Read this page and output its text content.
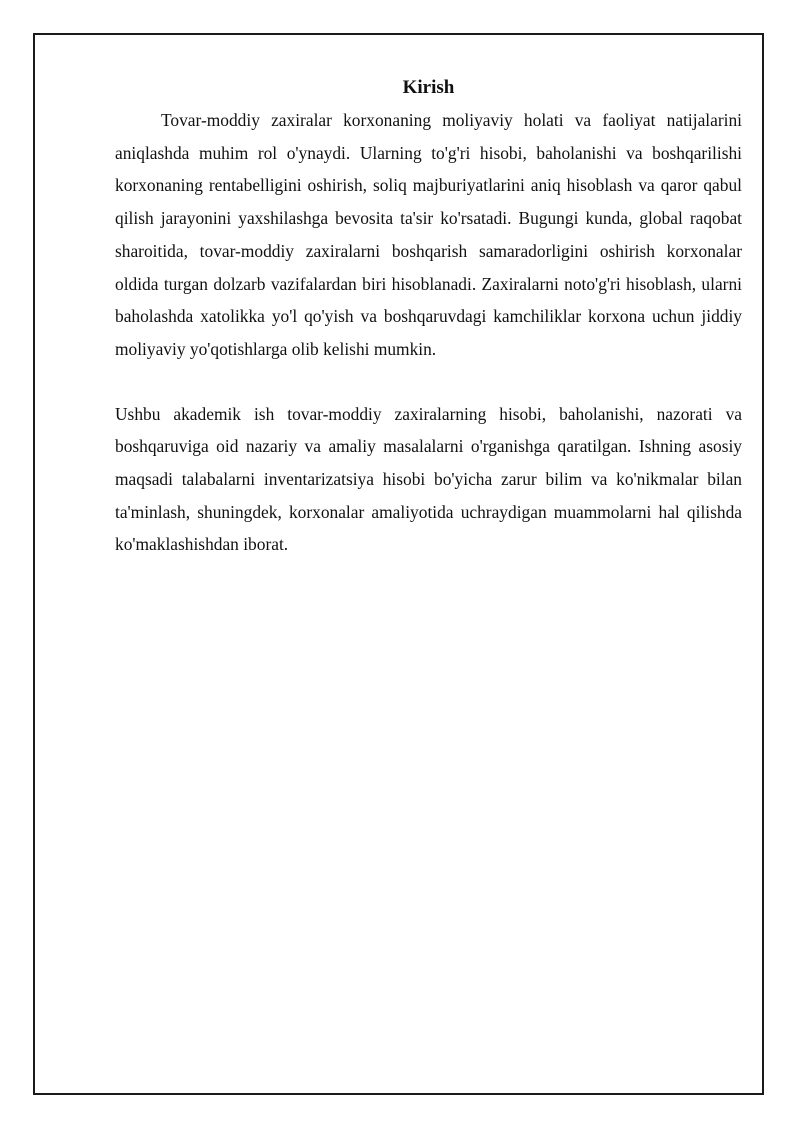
Kirish

Tovar-moddiy zaxiralar korxonaning moliyaviy holati va faoliyat natijalarini aniqlashda muhim rol o'ynaydi. Ularning to'g'ri hisobi, baholanishi va boshqarilishi korxonaning rentabelligini oshirish, soliq majburiyatlarini aniq hisoblash va qaror qabul qilish jarayonini yaxshilashga bevosita ta'sir ko'rsatadi. Bugungi kunda, global raqobat sharoitida, tovar-moddiy zaxiralarni boshqarish samaradorligini oshirish korxonalar oldida turgan dolzarb vazifalardan biri hisoblanadi. Zaxiralarni noto'g'ri hisoblash, ularni baholashda xatolikka yo'l qo'yish va boshqaruvdagi kamchiliklar korxona uchun jiddiy moliyaviy yo'qotishlarga olib kelishi mumkin.

Ushbu akademik ish tovar-moddiy zaxiralarning hisobi, baholanishi, nazorati va boshqaruviga oid nazariy va amaliy masalalarni o'rganishga qaratilgan. Ishning asosiy maqsadi talabalarni inventarizatsiya hisobi bo'yicha zarur bilim va ko'nikmalar bilan ta'minlash, shuningdek, korxonalar amaliyotida uchraydigan muammolarni hal qilishda ko'maklashishdan iborat.
